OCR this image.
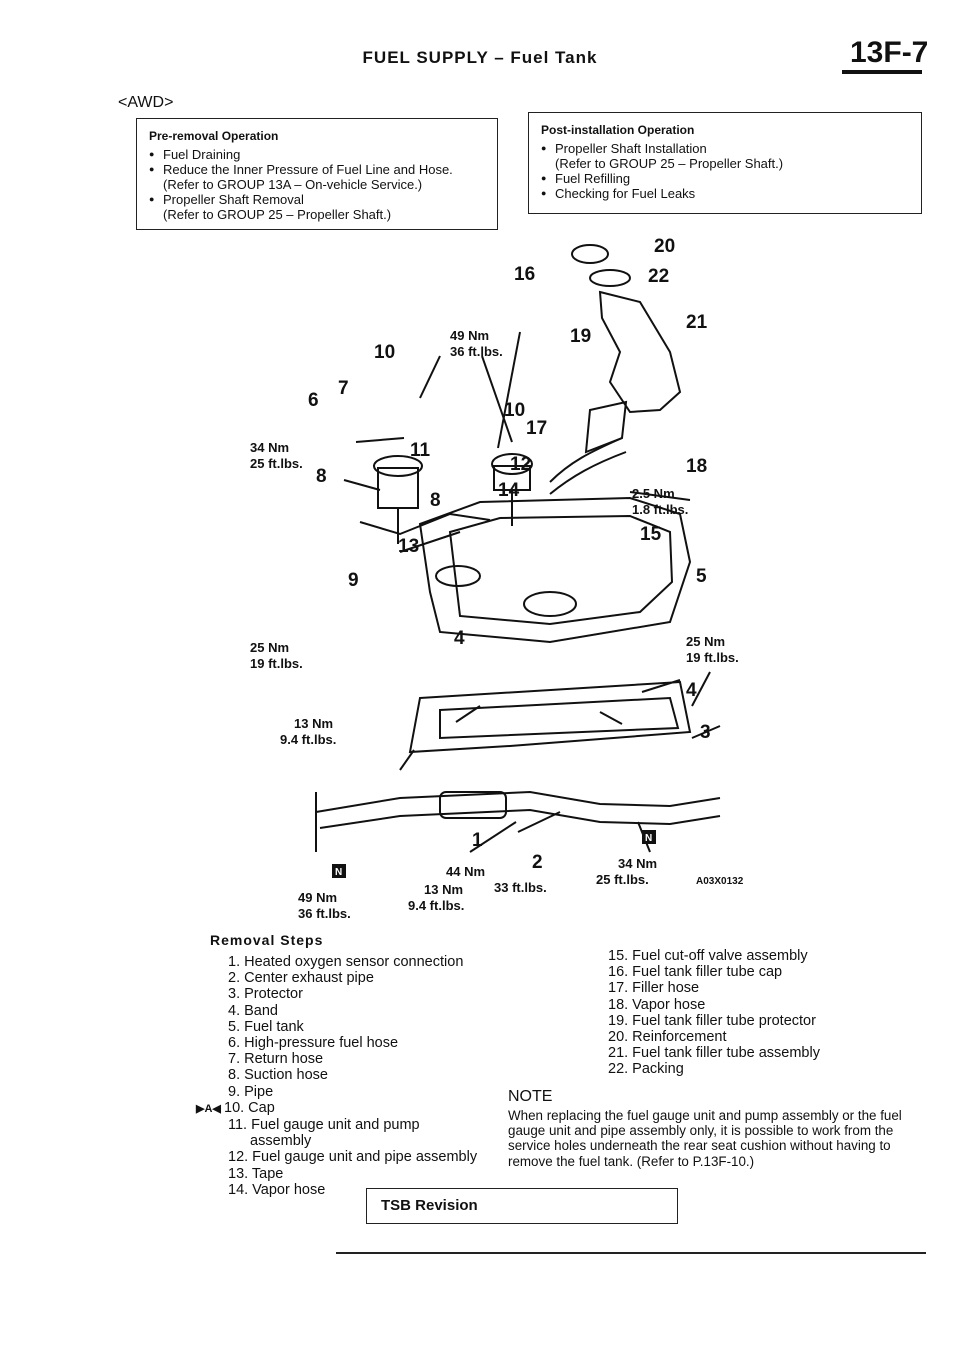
FUEL SUPPLY – Fuel Tank	13F-7
<AWD>
Pre-removal Operation
● Fuel Draining
● Reduce the Inner Pressure of Fuel Line and Hose.
(Refer to GROUP 13A – On-vehicle Service.)
● Propeller Shaft Removal
(Refer to GROUP 25 – Propeller Shaft.)
Post-installation Operation
● Propeller Shaft Installation
(Refer to GROUP 25 – Propeller Shaft.)
● Fuel Refilling
● Checking for Fuel Leaks
20
16	22
21
19
10
6
7
10
17
11
18
8
8
12
14
15
13
9	5
4
4
3
1
2
49 Nm
36 ft.lbs.
34 Nm
25 ft.lbs.
2.5 Nm
1.8 ft.lbs.
25 Nm
19 ft.lbs.
25 Nm
19 ft.lbs.
13 Nm
9.4 ft.lbs.
44 Nm
33 ft.lbs.
34 Nm
25 ft.lbs.
49 Nm
36 ft.lbs.
13 Nm
9.4 ft.lbs.
N
N
A03X0132
Removal Steps
1. Heated oxygen sensor connection
2. Center exhaust pipe
3. Protector
4. Band
5. Fuel tank
6. High-pressure fuel hose
7. Return hose
8. Suction hose
9. Pipe
▶A◀ 10. Cap
11. Fuel gauge unit and pump
assembly
12. Fuel gauge unit and pipe assembly
13. Tape
14. Vapor hose
15. Fuel cut-off valve assembly
16. Fuel tank filler tube cap
17. Filler hose
18. Vapor hose
19. Fuel tank filler tube protector
20. Reinforcement
21. Fuel tank filler tube assembly
22. Packing
NOTE
When replacing the fuel gauge unit and pump assembly or the fuel gauge unit and pipe assembly only, it is possible to work from the service holes underneath the rear seat cushion without having to remove the fuel tank. (Refer to P.13F-10.)
TSB Revision
